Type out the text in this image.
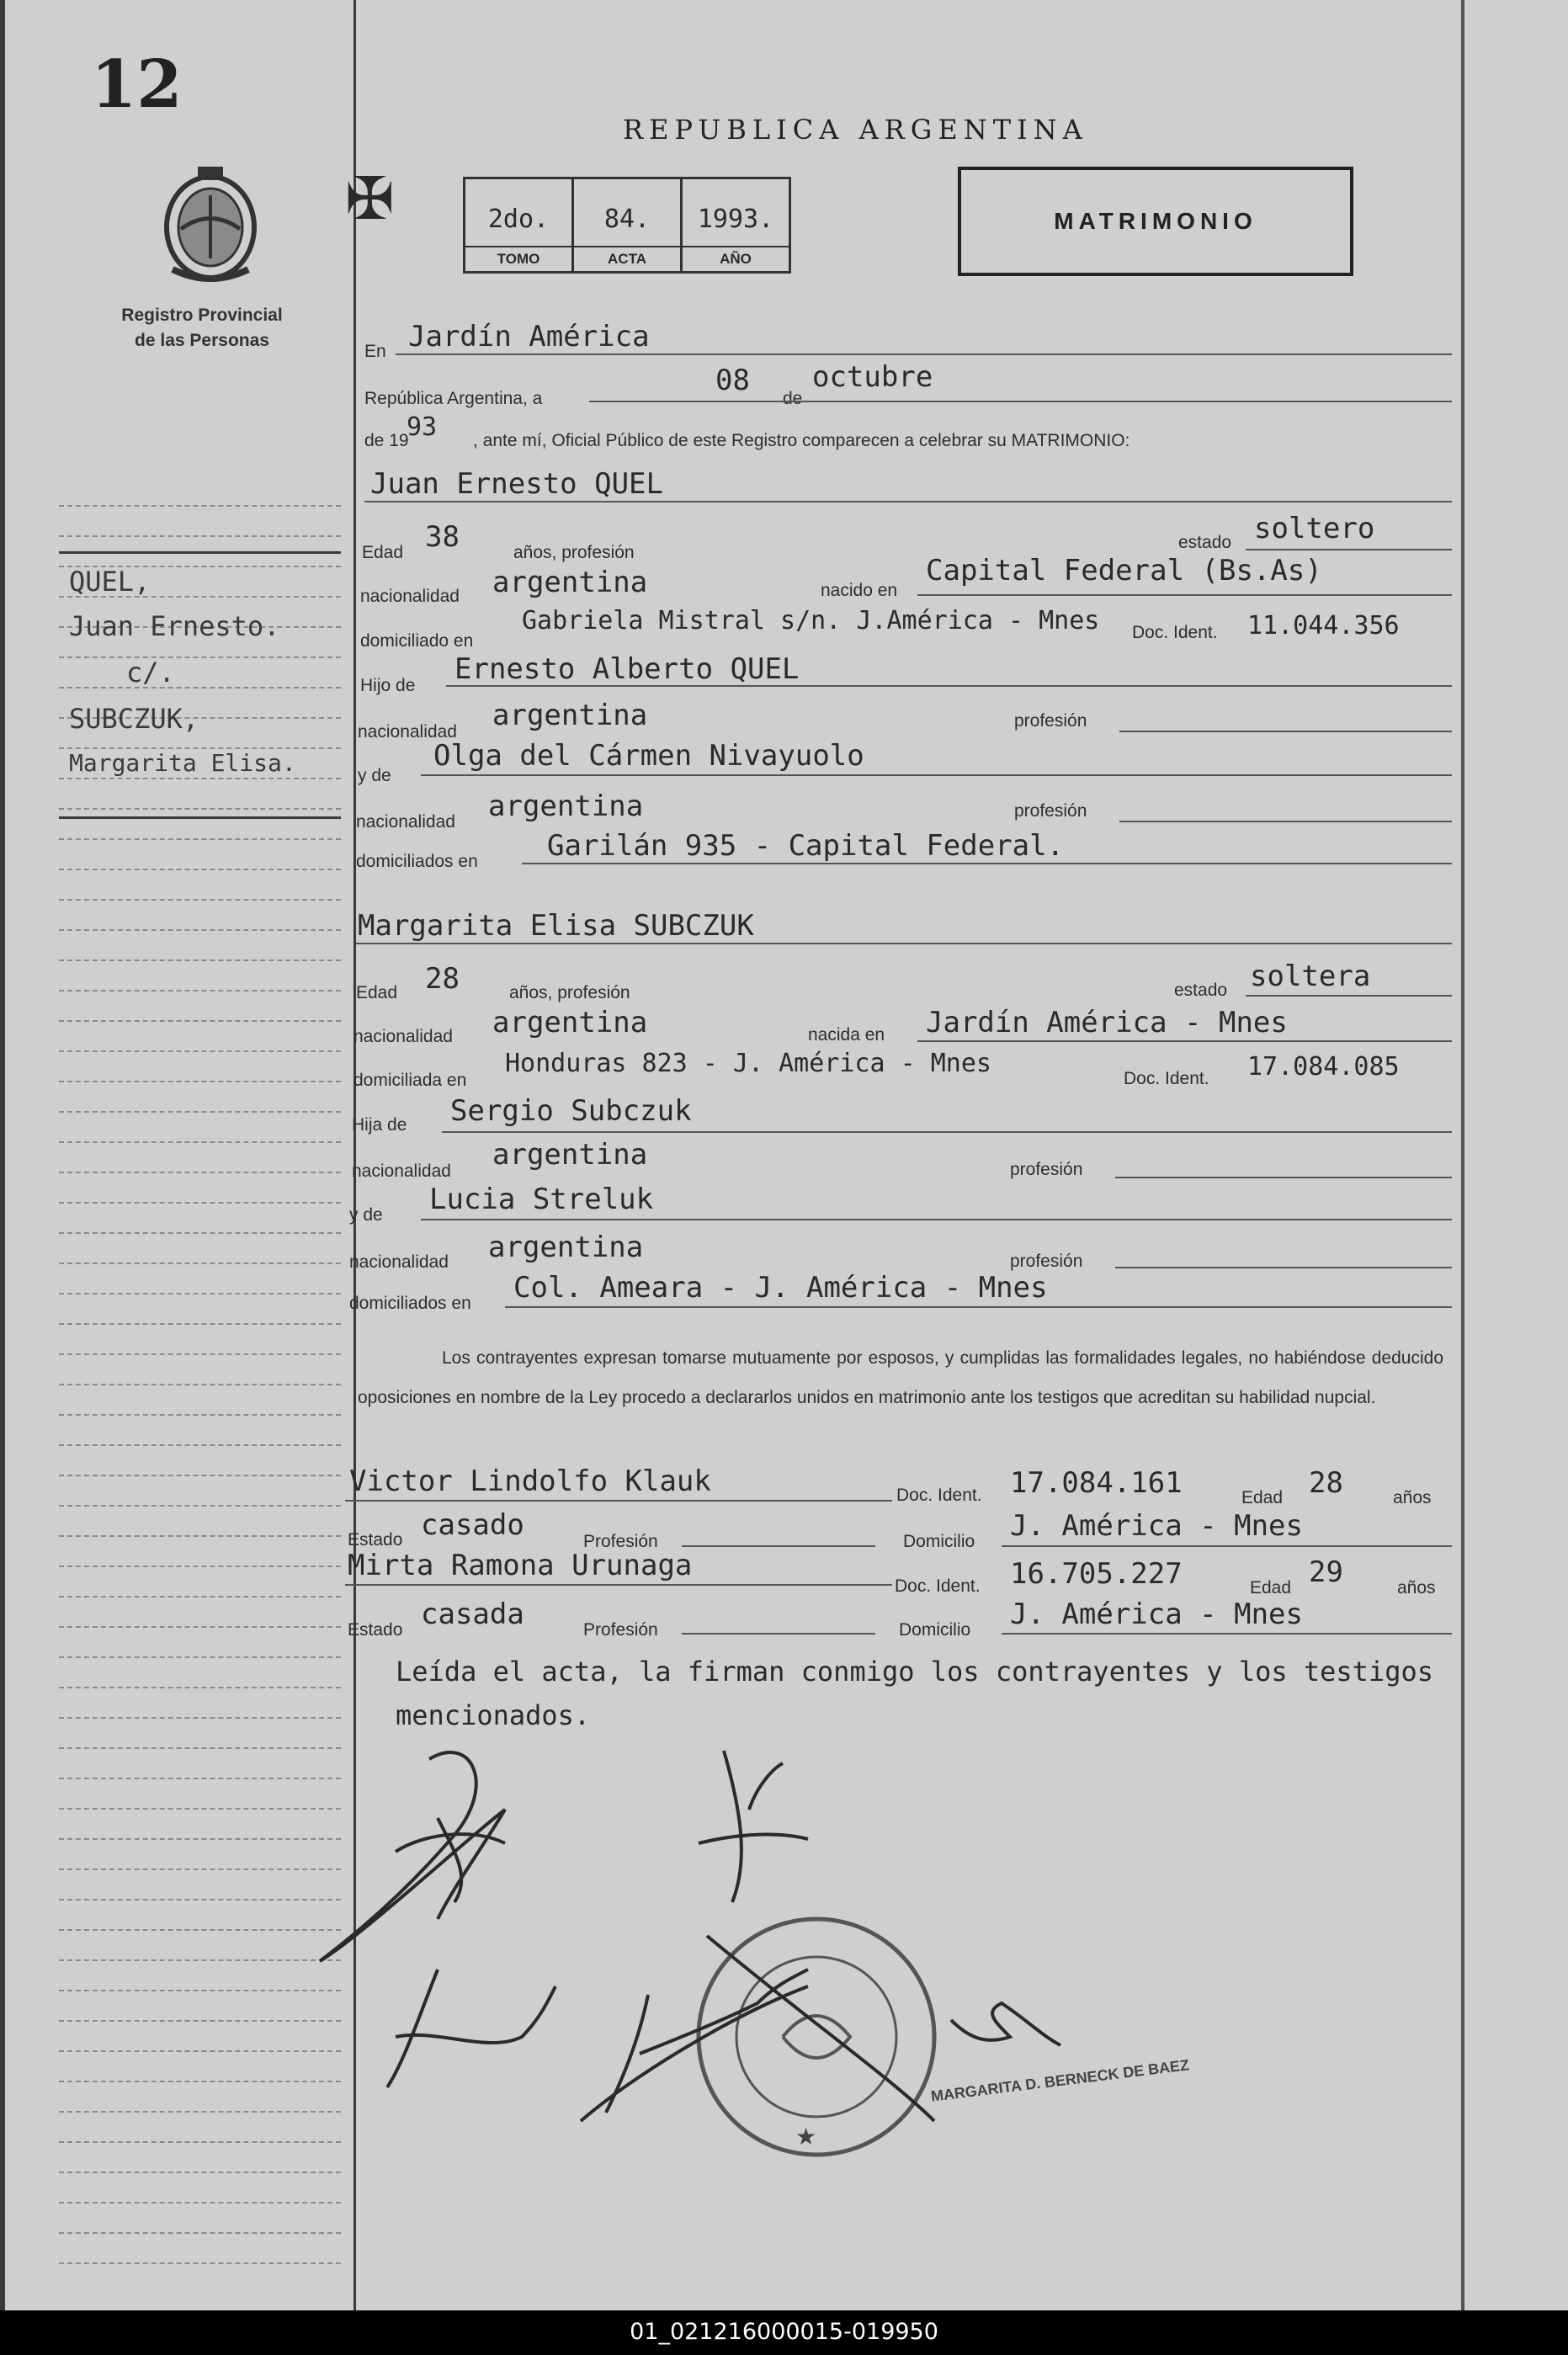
12
Registro Provincial
de las Personas
QUEL,
Juan Ernesto.
c/.
SUBCZUK,
Margarita Elisa.
✠	2do.
TOMO
84.
ACTA
1993.
AÑO
REPUBLICA ARGENTINA
MATRIMONIO
En Jardín América
República Argentina, a
08
de
octubre
de 19
93 , ante mí, Oficial Público de este Registro comparecen a celebrar su MATRIMONIO:
Juan Ernesto QUEL
Edad 38	años, profesión
estado soltero
nacionalidad argentina	nacido en
Capital Federal (Bs.As)
domiciliado en
Gabriela Mistral s/n. J.América - Mnes Doc. Ident. 11.044.356
Hijo de Ernesto Alberto QUEL
nacionalidad argentina	profesión
y de
Olga del Cármen Nivayuolo
nacionalidad argentina	profesión
domiciliados en Garilán 935 - Capital Federal.
Margarita Elisa SUBCZUK
Edad 28	años, profesión	estado soltera
nacionalidad argentina	nacida en Jardín América - Mnes
domiciliada en
Honduras 823 - J. América - Mnes
Doc. Ident. 17.084.085
Hija de Sergio Subczuk
nacionalidad argentina	profesión
y de Lucia Streluk
nacionalidad argentina	profesión
domiciliados en Col. Ameara - J. América - Mnes
Los contrayentes expresan tomarse mutuamente por esposos, y cumplidas las formalidades legales, no habiéndose deducido oposiciones en nombre de la Ley procedo a declararlos unidos en matrimonio ante los testigos que acreditan su habilidad nupcial.
Victor Lindolfo Klauk	Doc. Ident. 17.084.161	Edad 28	años
Estado casado	Profesión	Domicilio J. América - Mnes
Mirta Ramona Urunaga
Doc. Ident. 16.705.227	Edad 29	años
Estado casada	Profesión	Domicilio J. América - Mnes
Leída el acta, la firman conmigo los contrayentes y los testigos mencionados.
★
MARGARITA D. BERNECK DE BAEZ
01_021216000015-019950
